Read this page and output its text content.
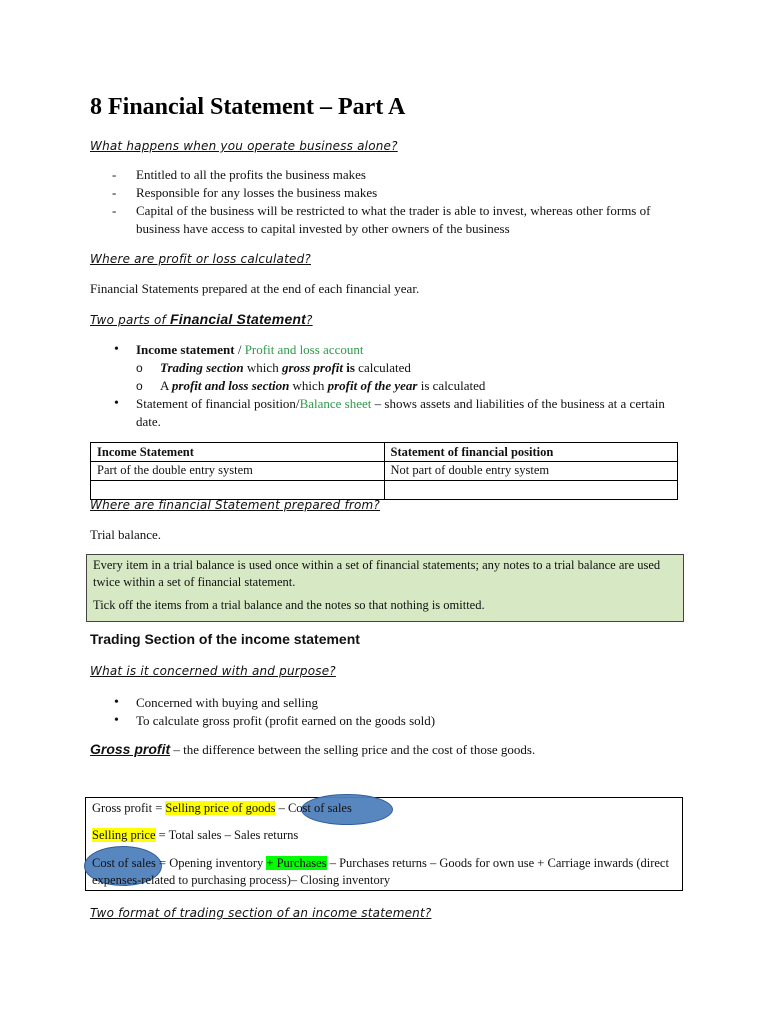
8 Financial Statement – Part A

What happens when you operate business alone?

- Entitled to all the profits the business makes
- Responsible for any losses the business makes
- Capital of the business will be restricted to what the trader is able to invest, whereas other forms of business have access to capital invested by other owners of the business

Where are profit or loss calculated?

Financial Statements prepared at the end of each financial year.

Two parts of Financial Statement?

• Income statement / Profit and loss account
o Trading section which gross profit is calculated
o A profit and loss section which profit of the year is calculated
• Statement of financial position/Balance sheet – shows assets and liabilities of the business at a certain date.
Income Statement	Statement of financial position
Part of the double entry system	Not part of double entry system

Where are financial Statement prepared from?

Trial balance.

Every item in a trial balance is used once within a set of financial statements; any notes to a trial balance are used twice within a set of financial statement.

Tick off the items from a trial balance and the notes so that nothing is omitted.

Trading Section of the income statement

What is it concerned with and purpose?

• Concerned with buying and selling
• To calculate gross profit (profit earned on the goods sold)

Gross profit – the difference between the selling price and the cost of those goods.

Gross profit = Selling price of goods – Cost of sales

Selling price = Total sales – Sales returns

Cost of sales = Opening inventory + Purchases – Purchases returns – Goods for own use + Carriage inwards (direct expenses-related to purchasing process)– Closing inventory

Two format of trading section of an income statement?
